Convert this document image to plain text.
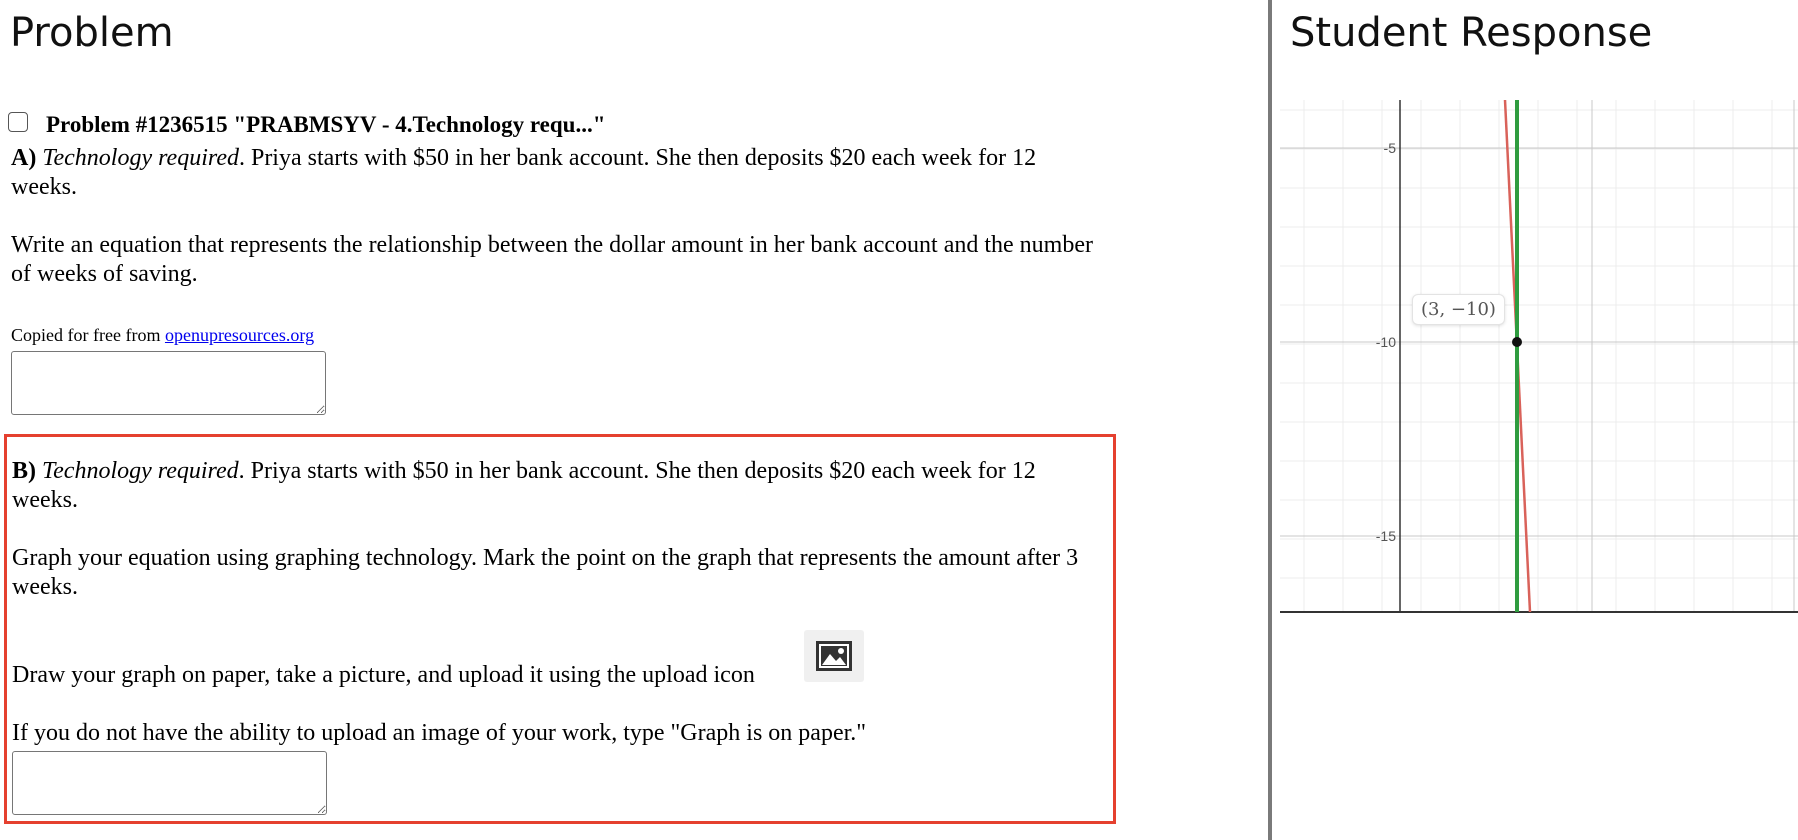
Problem
Problem #1236515 "PRABMSYV - 4.Technology requ..."

A) Technology required. Priya starts with $50 in her bank account. She then deposits $20 each week for 12 weeks.

Write an equation that represents the relationship between the dollar amount in her bank account and the number of weeks of saving.

Copied for free from openupresources.org

B) Technology required. Priya starts with $50 in her bank account. She then deposits $20 each week for 12 weeks.

Graph your equation using graphing technology. Mark the point on the graph that represents the amount after 3 weeks.

Draw your graph on paper, take a picture, and upload it using the upload icon

If you do not have the ability to upload an image of your work, type "Graph is on paper."

Student Response
-5
-10
-15
(3, −10)
